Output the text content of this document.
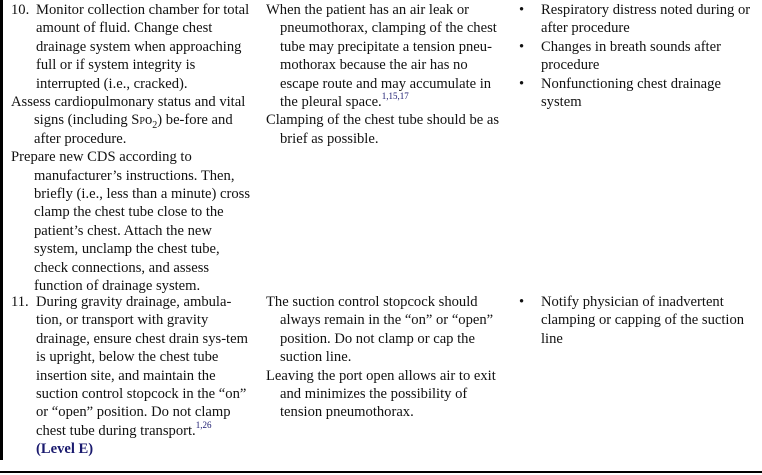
10. Monitor collection chamber for total amount of fluid. Change chest drainage system when approaching full or if system integrity is interrupted (i.e., cracked).

Assess cardiopulmonary status and vital signs (including Spo$_2$) be-fore and after procedure.

Prepare new CDS according to manufacturer’s instructions. Then, briefly (i.e., less than a minute) cross clamp the chest tube close to the patient’s chest. Attach the new system, unclamp the chest tube, check connections, and assess function of drainage system.

When the patient has an air leak or pneumothorax, clamping of the chest tube may precipitate a tension pneu-mothorax because the air has no escape route and may accumulate in the pleural space.$^{1,15,17}$

Clamping of the chest tube should be as brief as possible.

• Respiratory distress noted during or after procedure
• Changes in breath sounds after procedure
• Nonfunctioning chest drainage system

11. During gravity drainage, ambula-tion, or transport with gravity drainage, ensure chest drain sys-tem is upright, below the chest tube insertion site, and maintain the suction control stopcock in the “on” or “open” position. Do not clamp chest tube during transport.$^{1,26}$ (Level E)

The suction control stopcock should always remain in the “on” or “open” position. Do not clamp or cap the suction line.

Leaving the port open allows air to exit and minimizes the possibility of tension pneumothorax.

• Notify physician of inadvertent clamping or capping of the suction line
